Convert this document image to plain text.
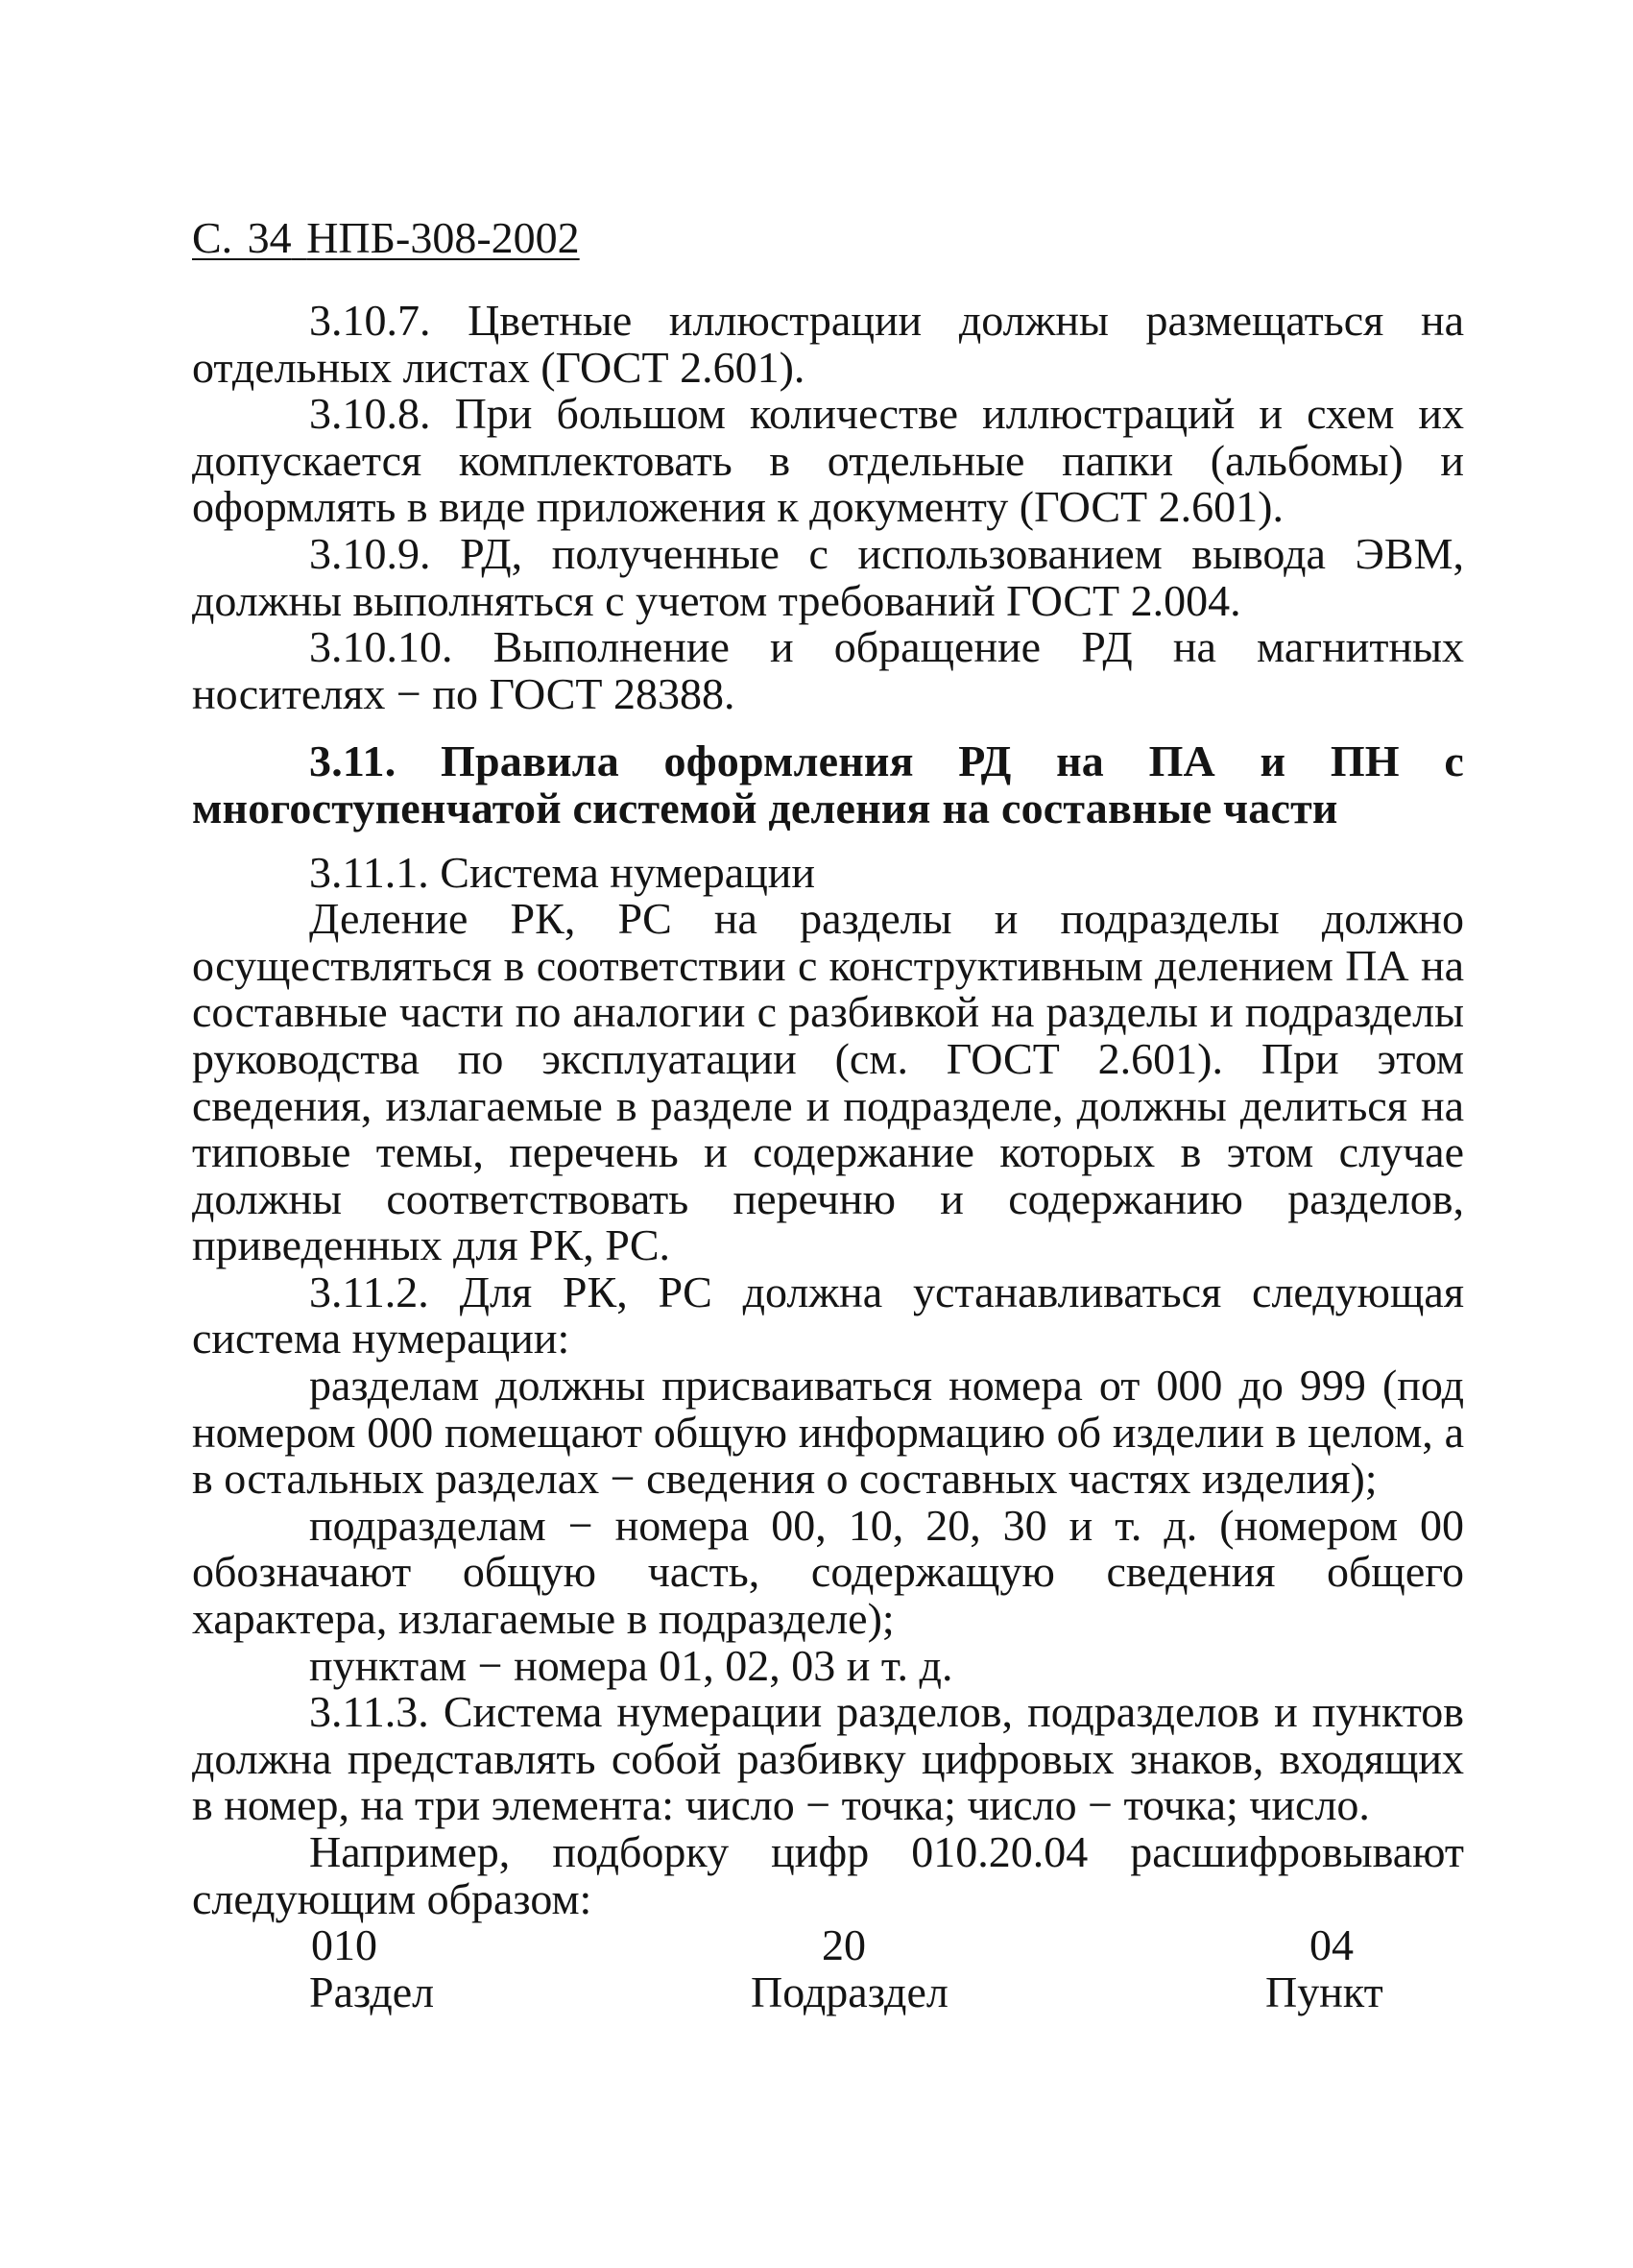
С. 34 НПБ-308-2002

3.10.7. Цветные иллюстрации должны размещаться на отдельных листах (ГОСТ 2.601).

3.10.8. При большом количестве иллюстраций и схем их допускается комплектовать в отдельные папки (альбомы) и оформлять в виде приложения к документу (ГОСТ 2.601).

3.10.9. РД, полученные с использованием вывода ЭВМ, должны выполняться с учетом требований ГОСТ 2.004.

3.10.10. Выполнение и обращение РД на магнитных носителях − по ГОСТ 28388.

3.11. Правила оформления РД на ПА и ПН с многоступенчатой системой деления на составные части

3.11.1. Система нумерации

Деление РК, PC на разделы и подразделы должно осуществляться в соответствии с конструктивным делением ПА на составные части по аналогии с разбивкой на разделы и подразделы руководства по эксплуатации (см. ГОСТ 2.601). При этом сведения, излагаемые в разделе и подразделе, должны делиться на типовые темы, перечень и содержание которых в этом случае должны соответствовать перечню и содержанию разделов, приведенных для РК, PC.

3.11.2. Для РК, PC должна устанавливаться следующая система нумерации:

разделам должны присваиваться номера от 000 до 999 (под номером 000 помещают общую информацию об изделии в целом, а в остальных разделах − сведения о составных частях изделия);

подразделам − номера 00, 10, 20, 30 и т. д. (номером 00 обозначают общую часть, содержащую сведения общего характера, излагаемые в подразделе);

пунктам − номера 01, 02, 03 и т. д.

3.11.3. Система нумерации разделов, подразделов и пунктов должна представлять собой разбивку цифровых знаков, входящих в номер, на три элемента: число − точка; число − точка; число.

Например, подборку цифр 010.20.04 расшифровывают следующим образом:

010	20	04
Раздел	Подраздел	Пункт
